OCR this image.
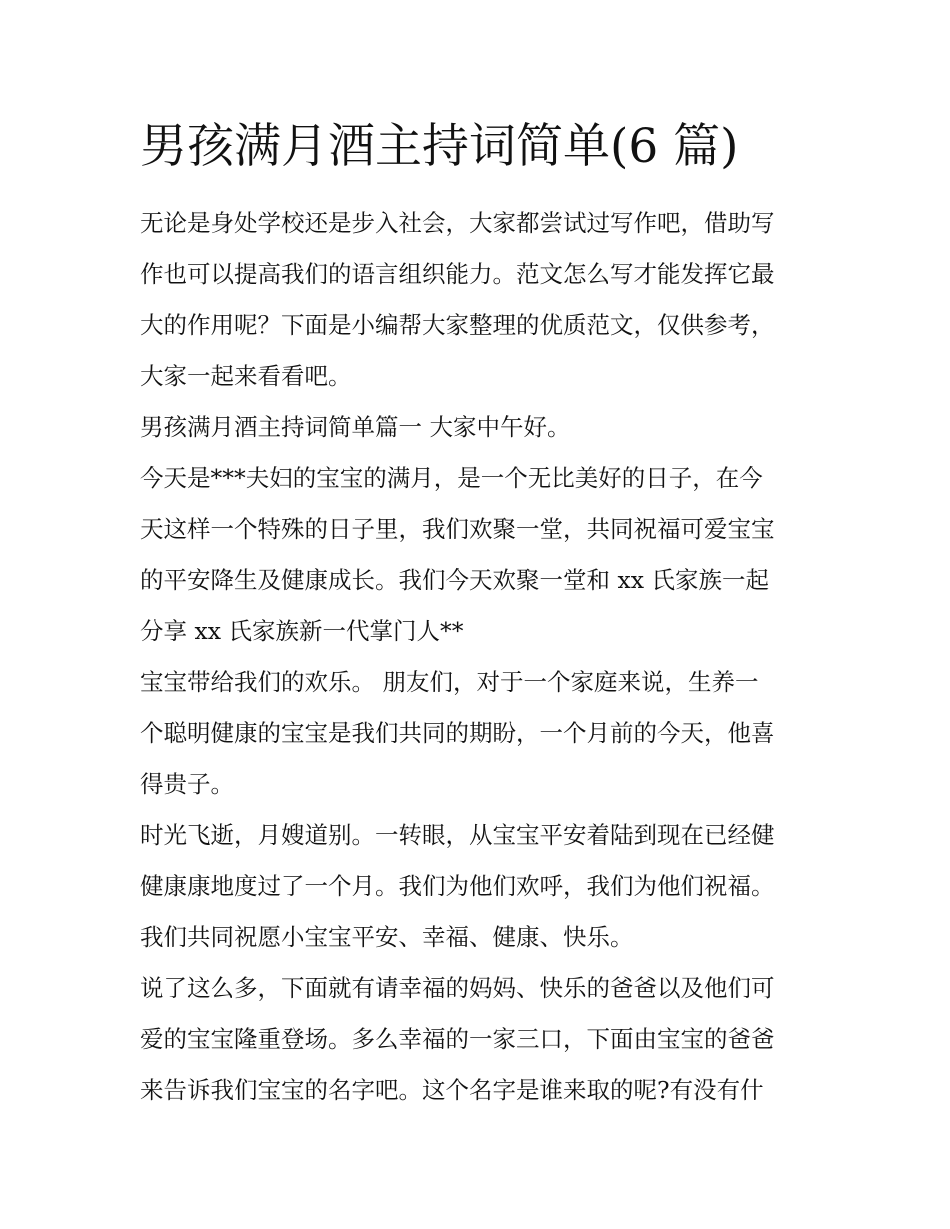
男孩满月酒主持词简单(6 篇)

无论是身处学校还是步入社会，大家都尝试过写作吧，借助写
作也可以提高我们的语言组织能力。范文怎么写才能发挥它最
大的作用呢？下面是小编帮大家整理的优质范文，仅供参考，
大家一起来看看吧。

男孩满月酒主持词简单篇一 大家中午好。

今天是***夫妇的宝宝的满月，是一个无比美好的日子，在今
天这样一个特殊的日子里，我们欢聚一堂，共同祝福可爱宝宝
的平安降生及健康成长。我们今天欢聚一堂和 xx 氏家族一起
分享 xx 氏家族新一代掌门人**

宝宝带给我们的欢乐。 朋友们，对于一个家庭来说，生养一
个聪明健康的宝宝是我们共同的期盼，一个月前的今天，他喜
得贵子。

时光飞逝，月嫂道别。一转眼，从宝宝平安着陆到现在已经健
健康康地度过了一个月。我们为他们欢呼，我们为他们祝福。
我们共同祝愿小宝宝平安、幸福、健康、快乐。

说了这么多，下面就有请幸福的妈妈、快乐的爸爸以及他们可
爱的宝宝隆重登场。多么幸福的一家三口，下面由宝宝的爸爸
来告诉我们宝宝的名字吧。这个名字是谁来取的呢?有没有什
